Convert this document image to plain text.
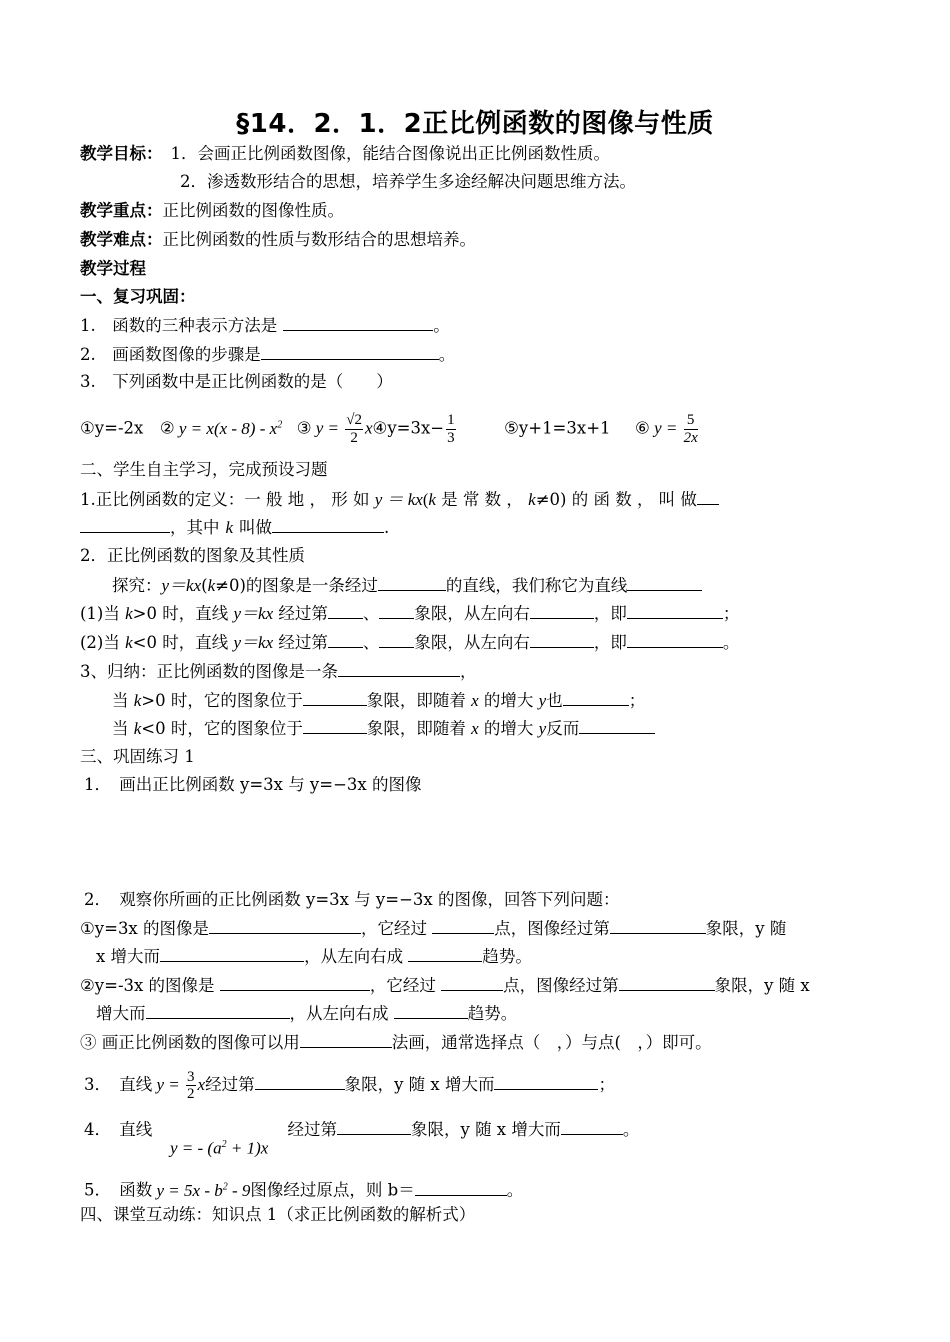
§14．2．1．2正比例函数的图像与性质
教学目标： 1．会画正比例函数图像，能结合图像说出正比例函数性质。
2．渗透数形结合的思想，培养学生多途经解决问题思维方法。
教学重点：正比例函数的图像性质。
教学难点：正比例函数的性质与数形结合的思想培养。
教学过程
一、复习巩固：
1.　函数的三种表示方法是	。
2.　画函数图像的步骤是	。
3.　下列函数中是正比例函数的是（　　）
①y=-2x ② $y = x(x - 8) - x^2$ ③ $y = \frac{√2}{2}$ x④y=3x− $\frac{1}{3}$	⑤y+1=3x+1 ⑥ $y = \frac{5}{2x}$
二、学生自主学习，完成预设习题
1.正比例函数的定义：一 般 地 ， 形 如 y ＝ kx(k 是 常 数 ， k≠0) 的 函 数 ， 叫 做
，其中 k 叫做	.
2．正比例函数的图象及其性质
探究：y＝kx(k≠0)的图象是一条经过	的直线，我们称它为直线
(1)当 k>0 时，直线 y＝kx 经过第 、 象限，从左向右	，即	；
(2)当 k<0 时，直线 y＝kx 经过第 、 象限，从左向右	，即	。
3、归纳：正比例函数的图像是一条	，
当 k>0 时，它的图象位于	象限，即随着 x 的增大 y也	；
当 k<0 时，它的图象位于	象限，即随着 x 的增大 y反而
三、巩固练习 1
1．　画出正比例函数 y=3x 与 y=−3x 的图像
2．　观察你所画的正比例函数 y=3x 与 y=−3x 的图像，回答下列问题：
①y=3x 的图像是	，它经过	点，图像经过第	象限，y 随
x 增大而	，从左向右成	趋势。
②y=-3x 的图像是	，它经过	点，图像经过第	象限，y 随 x
增大而	，从左向右成	趋势。
③ 画正比例函数的图像可以用	法画，通常选择点（　，）与点(　，）即可。
3．　直线 $y = \frac{3}{2}$ x经过第	象限，y 随 x 增大而	；
4．　直线	经过第	象限，y 随 x 增大而	。
y = - $(a^2 + 1)x$
5．　函数 $y = 5x - b^2 - 9$图像经过原点，则 b＝	。
四、课堂互动练：知识点 1（求正比例函数的解析式）
